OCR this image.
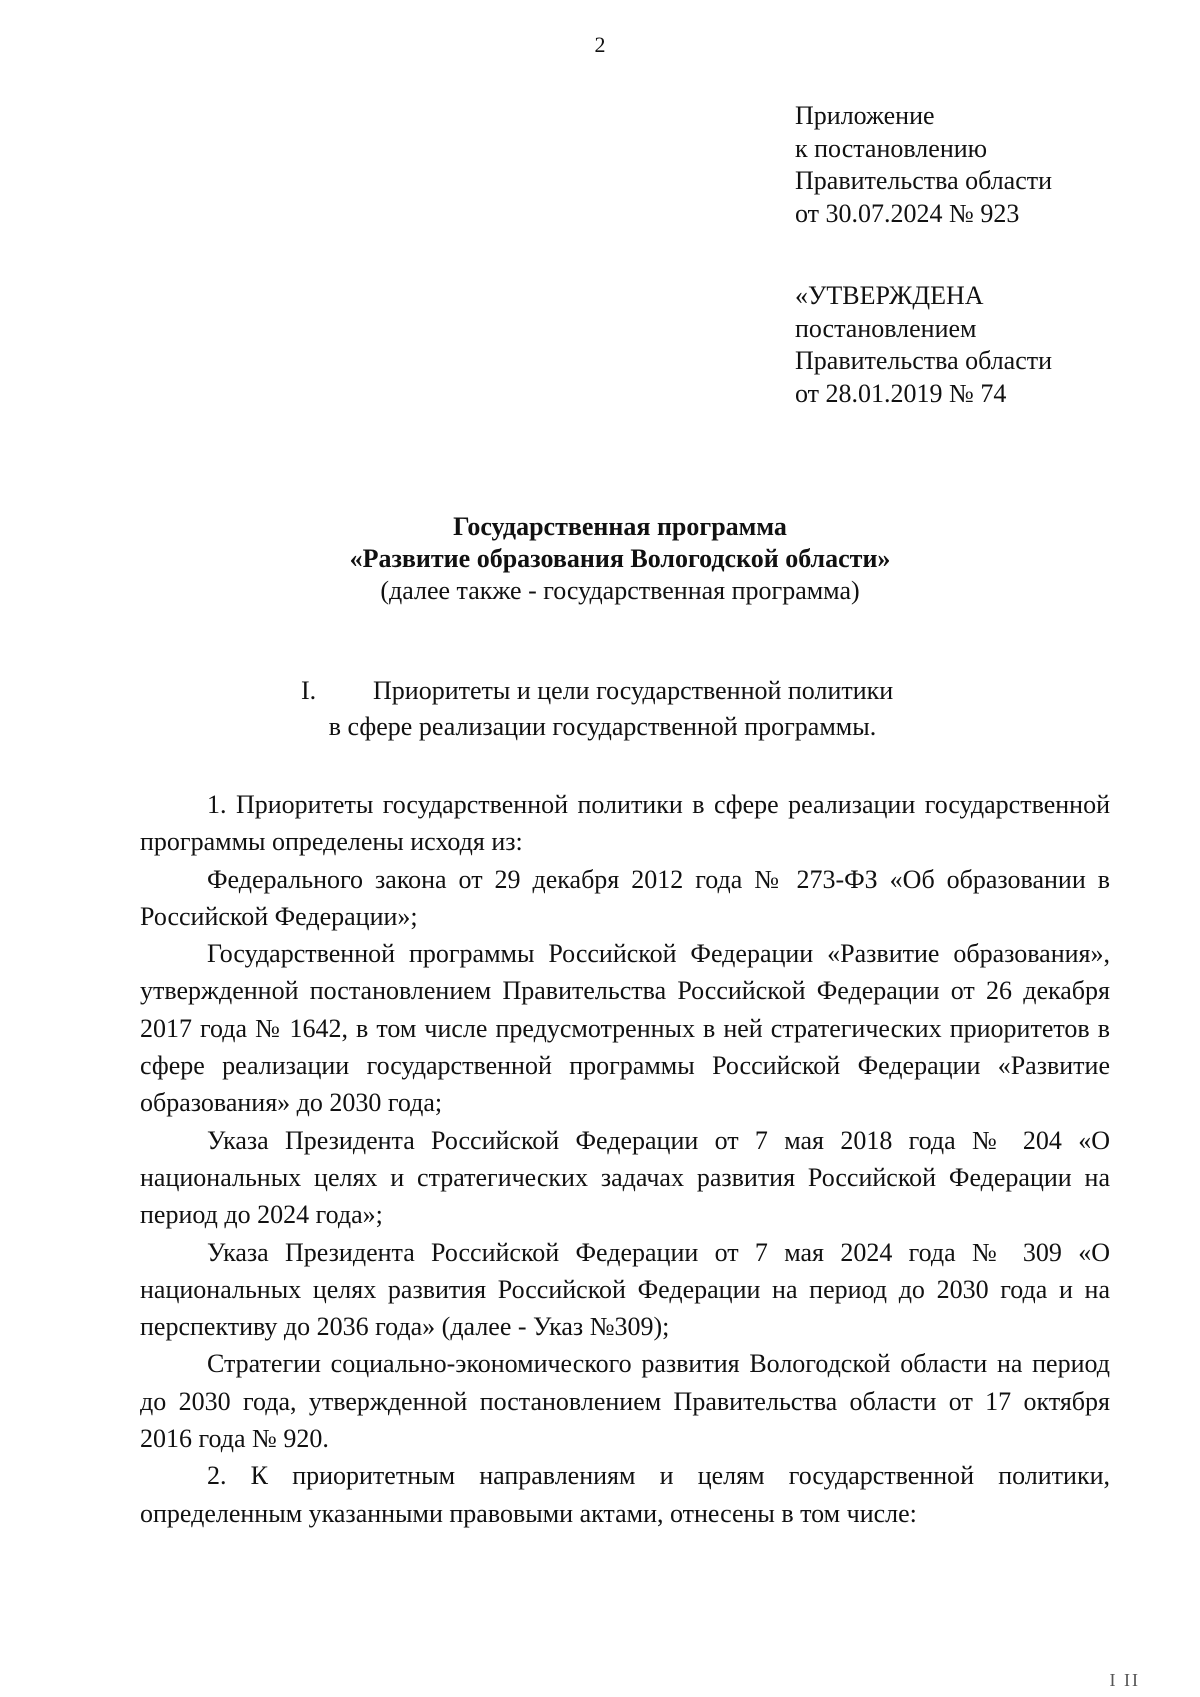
2
Приложение
к постановлению
Правительства области
от 30.07.2024 № 923
«УТВЕРЖДЕНА
постановлением
Правительства области
от 28.01.2019 № 74
Государственная программа
«Развитие образования Вологодской области»
(далее также - государственная программа)
I. Приоритеты и цели государственной политики
в сфере реализации государственной программы.

1. Приоритеты государственной политики в сфере реализации государственной программы определены исходя из:

Федерального закона от 29 декабря 2012 года № 273-ФЗ «Об образовании в Российской Федерации»;

Государственной программы Российской Федерации «Развитие образования», утвержденной постановлением Правительства Российской Федерации от 26 декабря 2017 года № 1642, в том числе предусмотренных в ней стратегических приоритетов в сфере реализации государственной программы Российской Федерации «Развитие образования» до 2030 года;

Указа Президента Российской Федерации от 7 мая 2018 года № 204 «О национальных целях и стратегических задачах развития Российской Федерации на период до 2024 года»;

Указа Президента Российской Федерации от 7 мая 2024 года № 309 «О национальных целях развития Российской Федерации на период до 2030 года и на перспективу до 2036 года» (далее - Указ №309);

Стратегии социально-экономического развития Вологодской области на период до 2030 года, утвержденной постановлением Правительства области от 17 октября 2016 года № 920.

2. К приоритетным направлениям и целям государственной политики, определенным указанными правовыми актами, отнесены в том числе:

I II
